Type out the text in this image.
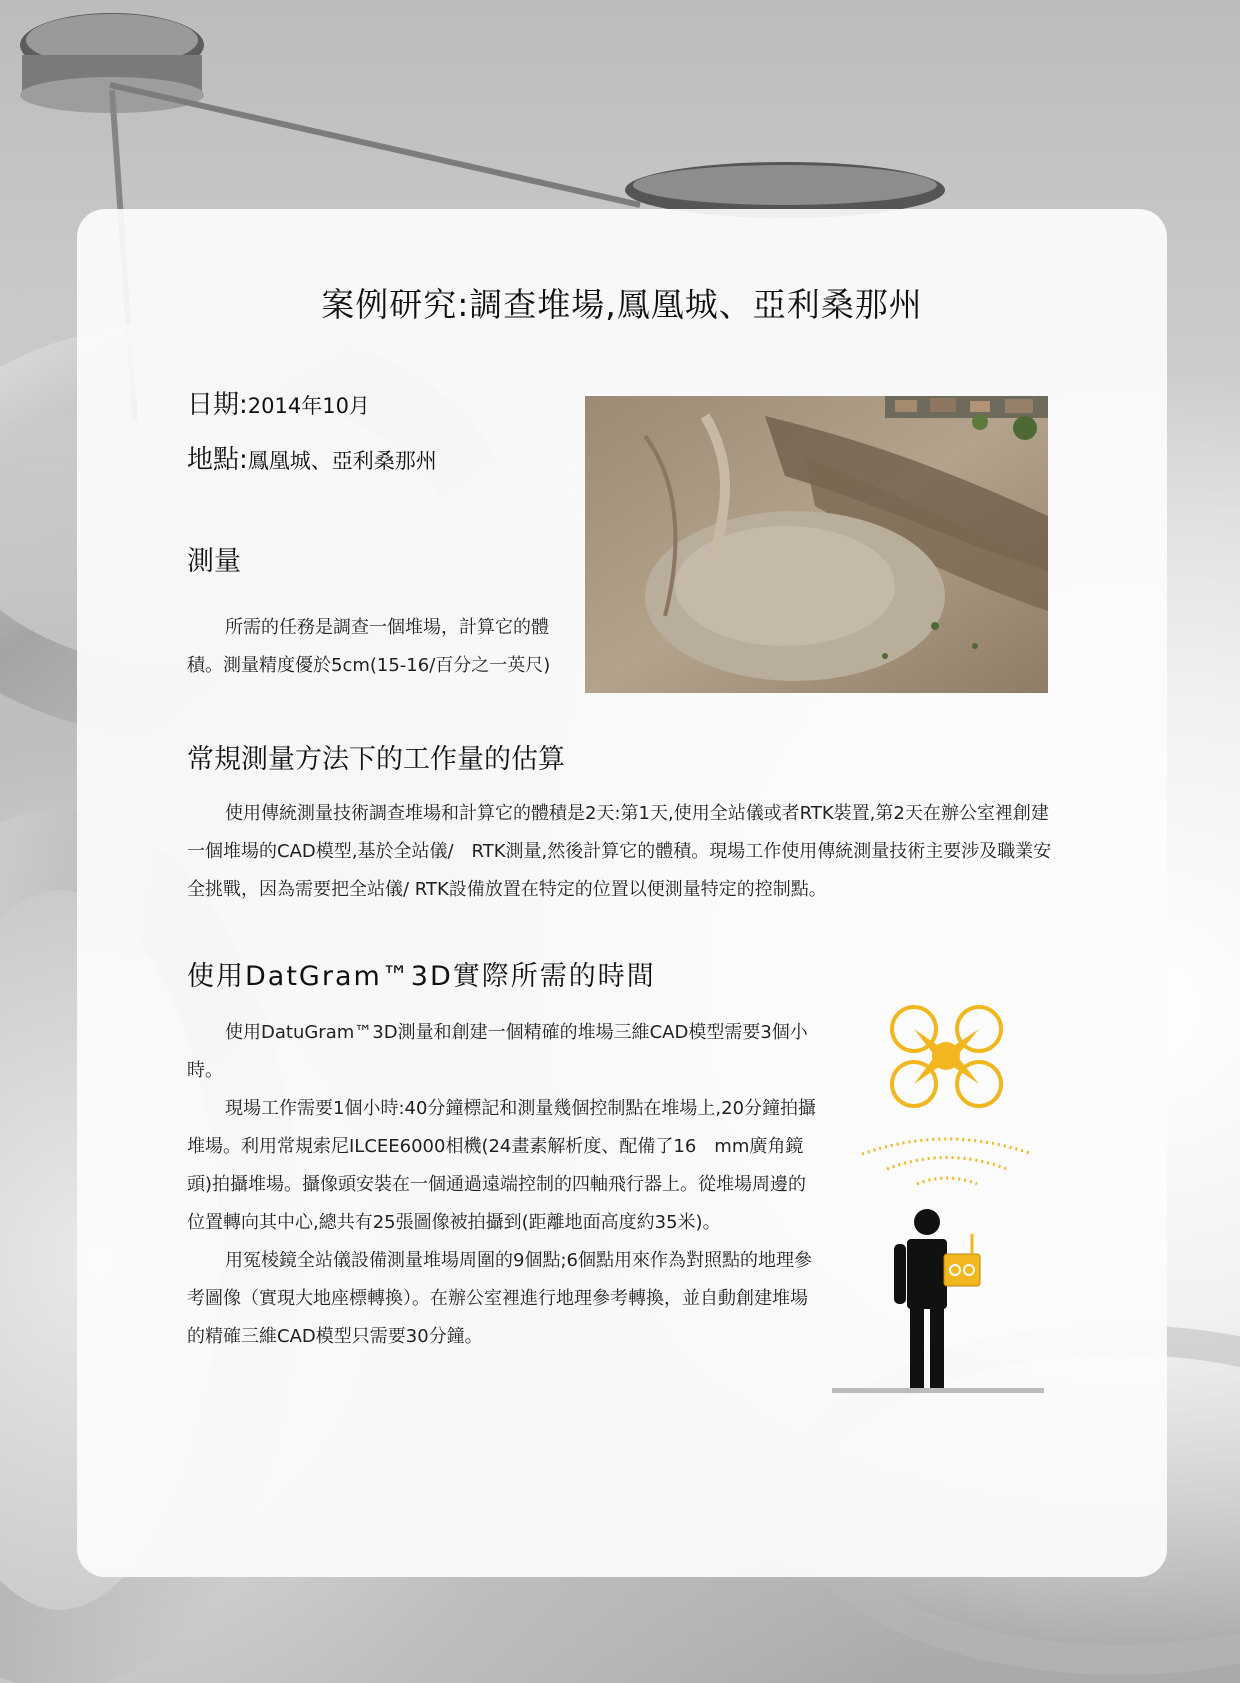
案例研究:調查堆場,鳳凰城、亞利桑那州
日期:2014年10月
地點:鳳凰城、亞利桑那州
測量

所需的任務是調查一個堆場，計算它的體積。測量精度優於5cm(15-16/百分之一英尺)

常規測量方法下的工作量的估算

使用傳統測量技術調查堆場和計算它的體積是2天:第1天,使用全站儀或者RTK裝置,第2天在辦公室裡創建一個堆場的CAD模型,基於全站儀/　RTK測量,然後計算它的體積。現場工作使用傳統測量技術主要涉及職業安全挑戰，因為需要把全站儀/ RTK設備放置在特定的位置以便測量特定的控制點。

使用DatGram™3D實際所需的時間

使用DatuGram™3D測量和創建一個精確的堆場三維CAD模型需要3個小時。

現場工作需要1個小時:40分鐘標記和測量幾個控制點在堆場上,20分鐘拍攝堆場。利用常規索尼ILCEE6000相機(24畫素解析度、配備了16　mm廣角鏡頭)拍攝堆場。攝像頭安裝在一個通過遠端控制的四軸飛行器上。從堆場周邊的位置轉向其中心,總共有25張圖像被拍攝到(距離地面高度約35米)。

用冤棱鏡全站儀設備測量堆場周圍的9個點;6個點用來作為對照點的地理參考圖像（實現大地座標轉換）。在辦公室裡進行地理參考轉換，並自動創建堆場的精確三維CAD模型只需要30分鐘。
